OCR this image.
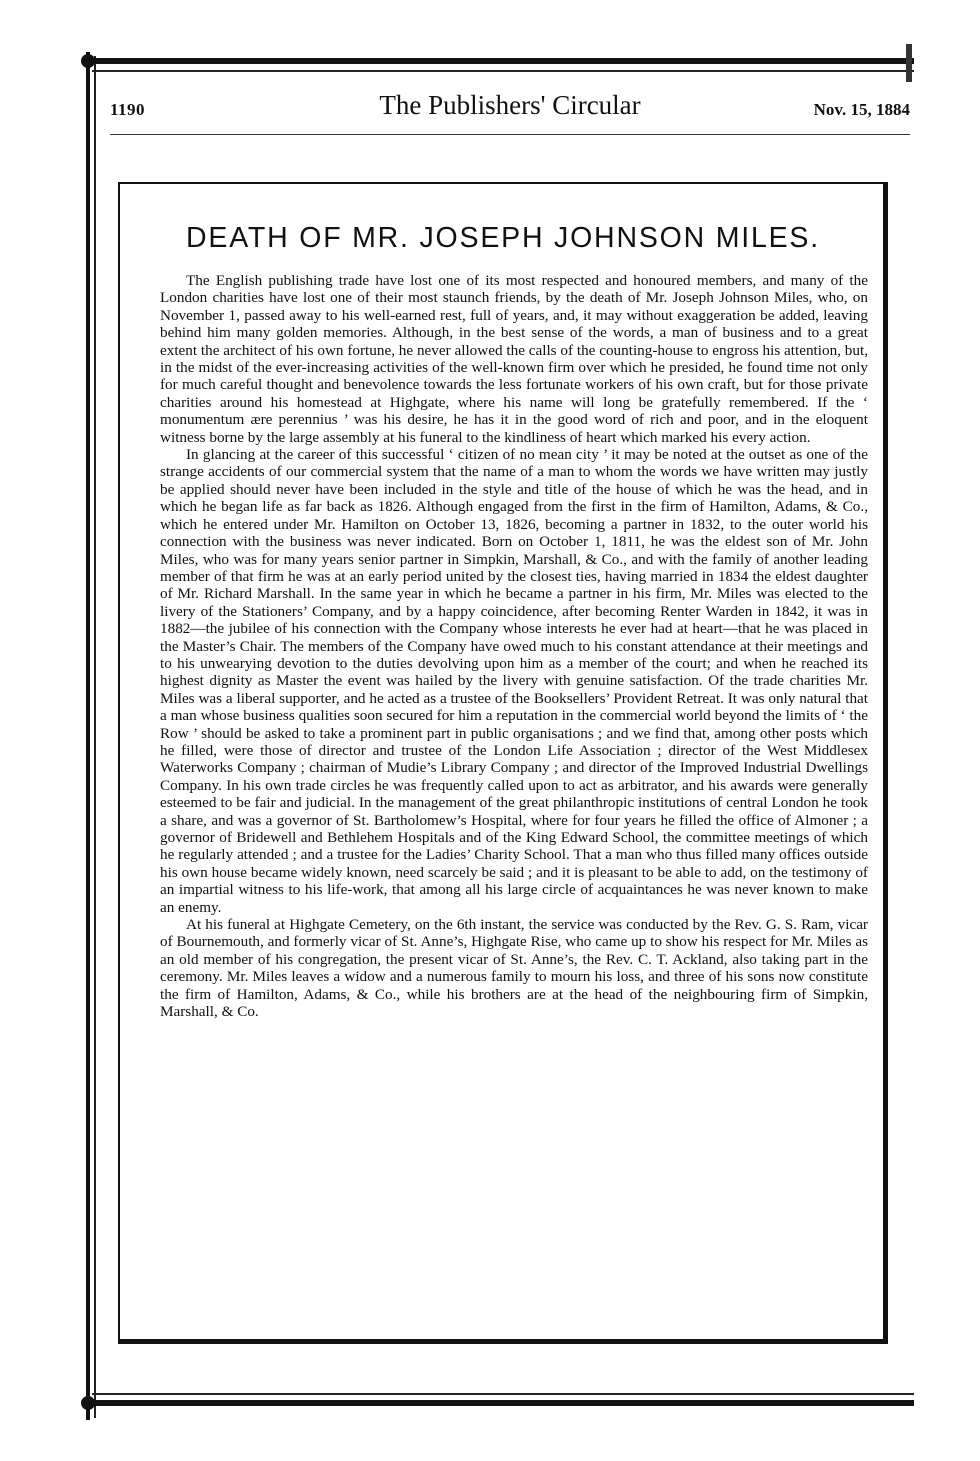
1190	The Publishers' Circular	Nov. 15, 1884
DEATH OF MR. JOSEPH JOHNSON MILES.

The English publishing trade have lost one of its most respected and honoured members, and many of the London charities have lost one of their most staunch friends, by the death of Mr. Joseph Johnson Miles, who, on November 1, passed away to his well-earned rest, full of years, and, it may without exaggeration be added, leaving behind him many golden memories. Although, in the best sense of the words, a man of business and to a great extent the architect of his own fortune, he never allowed the calls of the counting-house to engross his attention, but, in the midst of the ever-increasing activities of the well-known firm over which he presided, he found time not only for much careful thought and benevolence towards the less fortunate workers of his own craft, but for those private charities around his homestead at Highgate, where his name will long be gratefully remembered. If the ‘ monumentum ære perennius ’ was his desire, he has it in the good word of rich and poor, and in the eloquent witness borne by the large assembly at his funeral to the kindliness of heart which marked his every action.

In glancing at the career of this successful ‘ citizen of no mean city ’ it may be noted at the outset as one of the strange accidents of our commercial system that the name of a man to whom the words we have written may justly be applied should never have been included in the style and title of the house of which he was the head, and in which he began life as far back as 1826. Although engaged from the first in the firm of Hamilton, Adams, & Co., which he entered under Mr. Hamilton on October 13, 1826, becoming a partner in 1832, to the outer world his connection with the business was never indicated. Born on October 1, 1811, he was the eldest son of Mr. John Miles, who was for many years senior partner in Simpkin, Marshall, & Co., and with the family of another leading member of that firm he was at an early period united by the closest ties, having married in 1834 the eldest daughter of Mr. Richard Marshall. In the same year in which he became a partner in his firm, Mr. Miles was elected to the livery of the Stationers’ Company, and by a happy coincidence, after becoming Renter Warden in 1842, it was in 1882—the jubilee of his connection with the Company whose interests he ever had at heart—that he was placed in the Master’s Chair. The members of the Company have owed much to his constant attendance at their meetings and to his unwearying devotion to the duties devolving upon him as a member of the court; and when he reached its highest dignity as Master the event was hailed by the livery with genuine satisfaction. Of the trade charities Mr. Miles was a liberal supporter, and he acted as a trustee of the Booksellers’ Provident Retreat. It was only natural that a man whose business qualities soon secured for him a reputation in the commercial world beyond the limits of ‘ the Row ’ should be asked to take a prominent part in public organisations ; and we find that, among other posts which he filled, were those of director and trustee of the London Life Association ; director of the West Middlesex Waterworks Company ; chairman of Mudie’s Library Company ; and director of the Improved Industrial Dwellings Company. In his own trade circles he was frequently called upon to act as arbitrator, and his awards were generally esteemed to be fair and judicial. In the management of the great philanthropic institutions of central London he took a share, and was a governor of St. Bartholomew’s Hospital, where for four years he filled the office of Almoner ; a governor of Bridewell and Bethlehem Hospitals and of the King Edward School, the committee meetings of which he regularly attended ; and a trustee for the Ladies’ Charity School. That a man who thus filled many offices outside his own house became widely known, need scarcely be said ; and it is pleasant to be able to add, on the testimony of an impartial witness to his life-work, that among all his large circle of acquaintances he was never known to make an enemy.

At his funeral at Highgate Cemetery, on the 6th instant, the service was conducted by the Rev. G. S. Ram, vicar of Bournemouth, and formerly vicar of St. Anne’s, Highgate Rise, who came up to show his respect for Mr. Miles as an old member of his congregation, the present vicar of St. Anne’s, the Rev. C. T. Ackland, also taking part in the ceremony. Mr. Miles leaves a widow and a numerous family to mourn his loss, and three of his sons now constitute the firm of Hamilton, Adams, & Co., while his brothers are at the head of the neighbouring firm of Simpkin, Marshall, & Co.
